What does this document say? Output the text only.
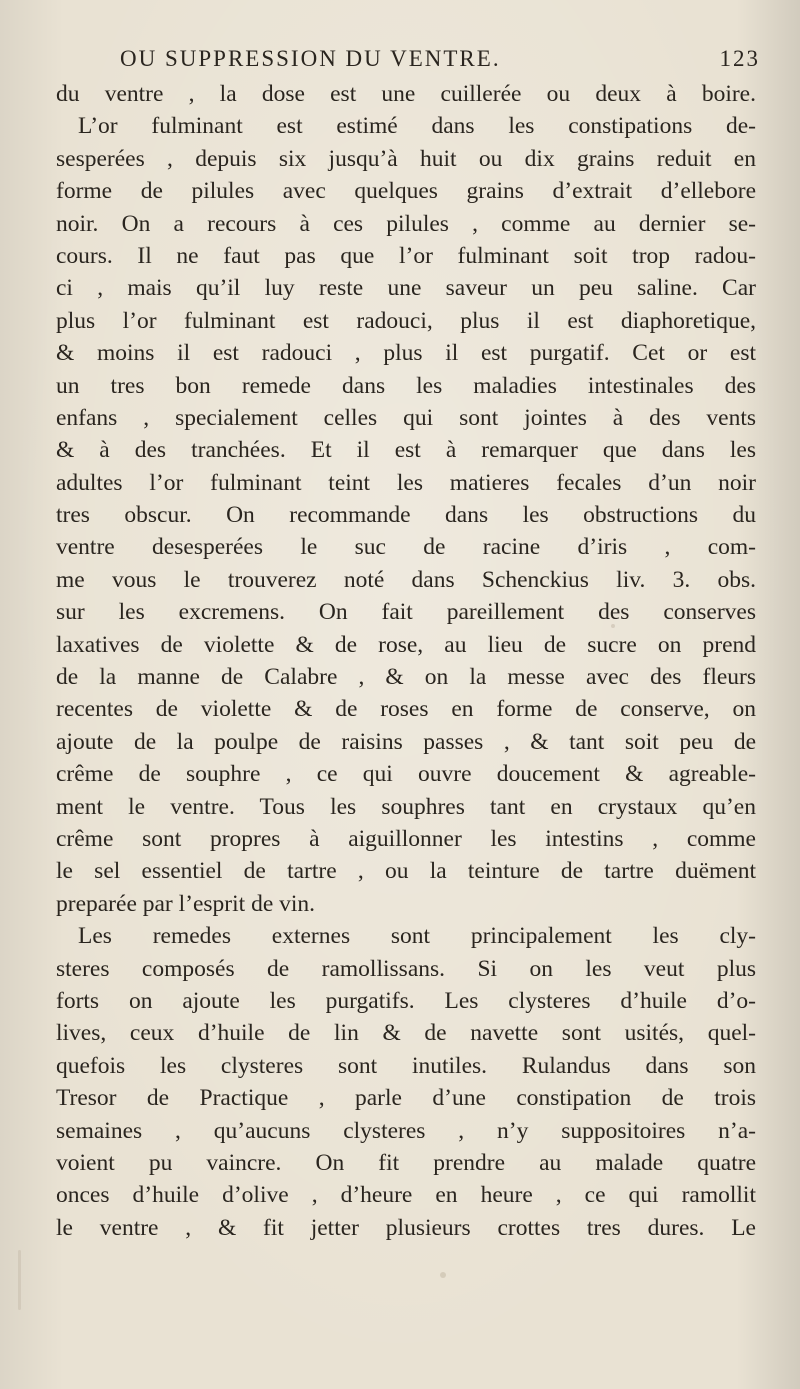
OU SUPPRESSION DU VENTRE.	123
du ventre , la dose est une cuillerée ou deux à boire.
L’or fulminant est estimé dans les constipations de-
sesperées , depuis six jusqu’à huit ou dix grains reduit en
forme de pilules avec quelques grains d’extrait d’ellebore
noir. On a recours à ces pilules , comme au dernier se-
cours. Il ne faut pas que l’or fulminant soit trop radou-
ci , mais qu’il luy reste une saveur un peu saline. Car
plus l’or fulminant est radouci, plus il est diaphoretique,
& moins il est radouci , plus il est purgatif. Cet or est
un tres bon remede dans les maladies intestinales des
enfans , specialement celles qui sont jointes à des vents
& à des tranchées. Et il est à remarquer que dans les
adultes l’or fulminant teint les matieres fecales d’un noir
tres obscur. On recommande dans les obstructions du
ventre desesperées le suc de racine d’iris , com-
me vous le trouverez noté dans Schenckius liv. 3. obs.
sur les excremens. On fait pareillement des conserves
laxatives de violette & de rose, au lieu de sucre on prend
de la manne de Calabre , & on la messe avec des fleurs
recentes de violette & de roses en forme de conserve, on
ajoute de la poulpe de raisins passes , & tant soit peu de
crême de souphre , ce qui ouvre doucement & agreable-
ment le ventre. Tous les souphres tant en crystaux qu’en
crême sont propres à aiguillonner les intestins , comme
le sel essentiel de tartre , ou la teinture de tartre duëment
preparée par l’esprit de vin.
Les remedes externes sont principalement les cly-
steres composés de ramollissans. Si on les veut plus
forts on ajoute les purgatifs. Les clysteres d’huile d’o-
lives, ceux d’huile de lin & de navette sont usités, quel-
quefois les clysteres sont inutiles. Rulandus dans son
Tresor de Practique , parle d’une constipation de trois
semaines , qu’aucuns clysteres , n’y suppositoires n’a-
voient pu vaincre. On fit prendre au malade quatre
onces d’huile d’olive , d’heure en heure , ce qui ramollit
le ventre , & fit jetter plusieurs crottes tres dures. Le
